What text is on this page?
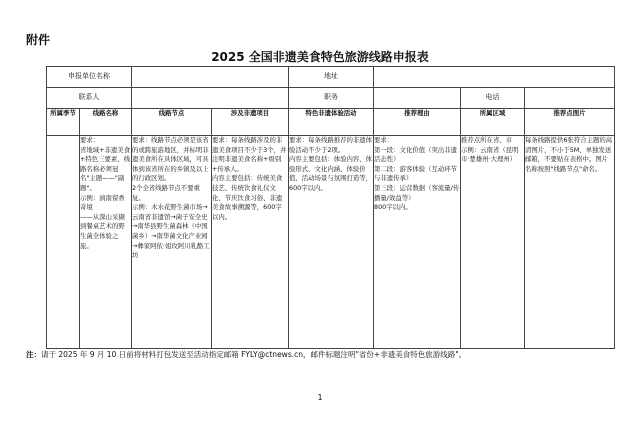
附件
2025 全国非遗美食特色旅游线路申报表
申报单位名称				地址			
联系人				职务		电话	
所属季节	线路名称	线路节点	涉及非遗项目	特色非遗体验活动	推荐理由	所属区域	推荐点图片
	要求：
省地域+非遗美食+特色三要素，线路名称必须冠名"主题——"副题"。
示例：滇南留香奇境
——从深山采撷到餐桌艺术的野生菌全体验之旅。	要求：线路节点必须是该省的或跨旅游地区，并标明非遗美食所在具体区域，可具体到该省所在的乡镇及以上的行政区划。
2个全省线路节点不要重复。
示例：木水花野生菌市场→云南省非遗馆→菌子安全史→南华县野生菌森林（中国菌乡）→南华菌文化产业园→彝家阿依·姐玫阿川乳酪工坊	要求：每条线路涉及的非遗美食项目不少于3个，并注明非遗美食名称+级别+传承人。
内容主要包括：传统美食技艺、传统饮食礼仪文化、节庆饮食习俗、非遗美食故事溯源等，600字以内。	要求：每条线路推荐的非遗体验活动不少于2项。
内容主要包括：体验内容、体验形式、文化内涵、体验价值、活动场景与氛围打造等，600字以内。	要求：
第一段：文化价值（突出非遗活态性）
第二段：游客体验（互动环节与非遗传承）
第三段：运营数据（客流量/传播量/效益等）
800字以内。	推荐点所在省、市
示例：云南省（昆明市·楚雄州·大理州）	每条线路提供6张符合主题的高清图片，不小于5M，单独发送邮箱，不要贴在表格中。图片名称按照"线路节点"命名。
注：请于 2025 年 9 月 10 日前将材料打包发送至活动指定邮箱 FYLY@ctnews.cn，邮件标题注明"省份+非遗美食特色旅游线路"。
1
